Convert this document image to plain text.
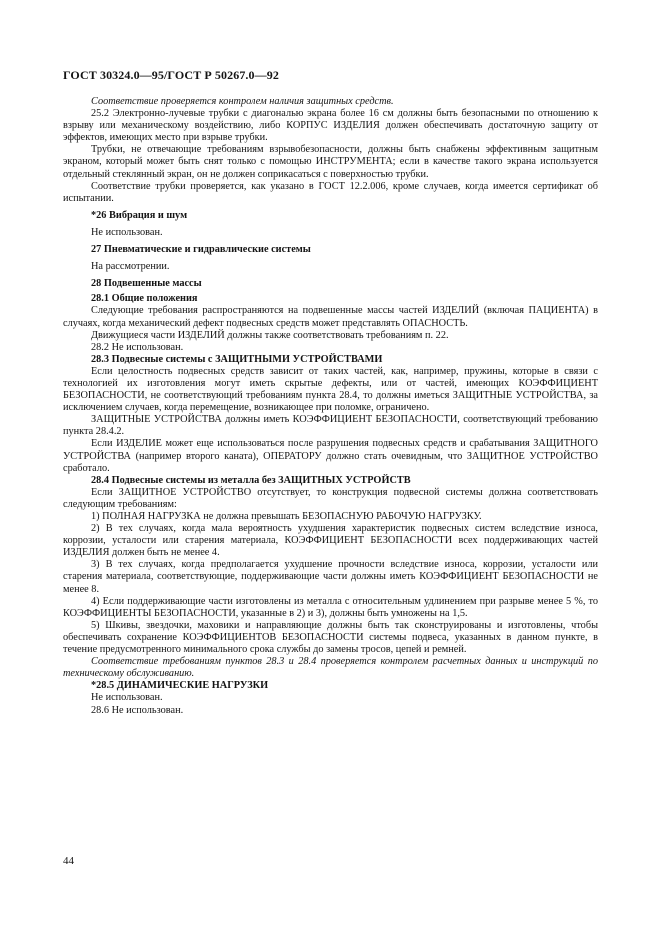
ГОСТ 30324.0—95/ГОСТ Р 50267.0—92

Соответствие проверяется контролем наличия защитных средств.

25.2 Электронно-лучевые трубки с диагональю экрана более 16 см должны быть безопасными по отношению к взрыву или механическому воздействию, либо КОРПУС ИЗДЕЛИЯ должен обеспечивать достаточную защиту от эффектов, имеющих место при взрыве трубки.

Трубки, не отвечающие требованиям взрывобезопасности, должны быть снабжены эффективным защитным экраном, который может быть снят только с помощью ИНСТРУМЕНТА; если в качестве такого экрана используется отдельный стеклянный экран, он не должен соприкасаться с поверхностью трубки.

Соответствие трубки проверяется, как указано в ГОСТ 12.2.006, кроме случаев, когда имеется сертификат об испытании.

*26 Вибрация и шум

Не использован.

27 Пневматические и гидравлические системы

На рассмотрении.

28 Подвешенные массы

28.1 Общие положения

Следующие требования распространяются на подвешенные массы частей ИЗДЕЛИЙ (включая ПАЦИЕНТА) в случаях, когда механический дефект подвесных средств может представлять ОПАСНОСТЬ.

Движущиеся части ИЗДЕЛИЙ должны также соответствовать требованиям п. 22.

28.2 Не использован.

28.3 Подвесные системы с ЗАЩИТНЫМИ УСТРОЙСТВАМИ

Если целостность подвесных средств зависит от таких частей, как, например, пружины, которые в связи с технологией их изготовления могут иметь скрытые дефекты, или от частей, имеющих КОЭФФИЦИЕНТ БЕЗОПАСНОСТИ, не соответствующий требованиям пункта 28.4, то должны иметься ЗАЩИТНЫЕ УСТРОЙСТВА, за исключением случаев, когда перемещение, возникающее при поломке, ограничено.

ЗАЩИТНЫЕ УСТРОЙСТВА должны иметь КОЭФФИЦИЕНТ БЕЗОПАСНОСТИ, соответствующий требованию пункта 28.4.2.

Если ИЗДЕЛИЕ может еще использоваться после разрушения подвесных средств и срабатывания ЗАЩИТНОГО УСТРОЙСТВА (например второго каната), ОПЕРАТОРУ должно стать очевидным, что ЗАЩИТНОЕ УСТРОЙСТВО сработало.

28.4 Подвесные системы из металла без ЗАЩИТНЫХ УСТРОЙСТВ

Если ЗАЩИТНОЕ УСТРОЙСТВО отсутствует, то конструкция подвесной системы должна соответствовать следующим требованиям:

1) ПОЛНАЯ НАГРУЗКА не должна превышать БЕЗОПАСНУЮ РАБОЧУЮ НАГРУЗКУ.

2) В тех случаях, когда мала вероятность ухудшения характеристик подвесных систем вследствие износа, коррозии, усталости или старения материала, КОЭФФИЦИЕНТ БЕЗОПАСНОСТИ всех поддерживающих частей ИЗДЕЛИЯ должен быть не менее 4.

3) В тех случаях, когда предполагается ухудшение прочности вследствие износа, коррозии, усталости или старения материала, соответствующие, поддерживающие части должны иметь КОЭФФИЦИЕНТ БЕЗОПАСНОСТИ не менее 8.

4) Если поддерживающие части изготовлены из металла с относительным удлинением при разрыве менее 5 %, то КОЭФФИЦИЕНТЫ БЕЗОПАСНОСТИ, указанные в 2) и 3), должны быть умножены на 1,5.

5) Шкивы, звездочки, маховики и направляющие должны быть так сконструированы и изготовлены, чтобы обеспечивать сохранение КОЭФФИЦИЕНТОВ БЕЗОПАСНОСТИ системы подвеса, указанных в данном пункте, в течение предусмотренного минимального срока службы до замены тросов, цепей и ремней.

Соответствие требованиям пунктов 28.3 и 28.4 проверяется контролем расчетных данных и инструкций по техническому обслуживанию.

*28.5 ДИНАМИЧЕСКИЕ НАГРУЗКИ

Не использован.

28.6 Не использован.

44
